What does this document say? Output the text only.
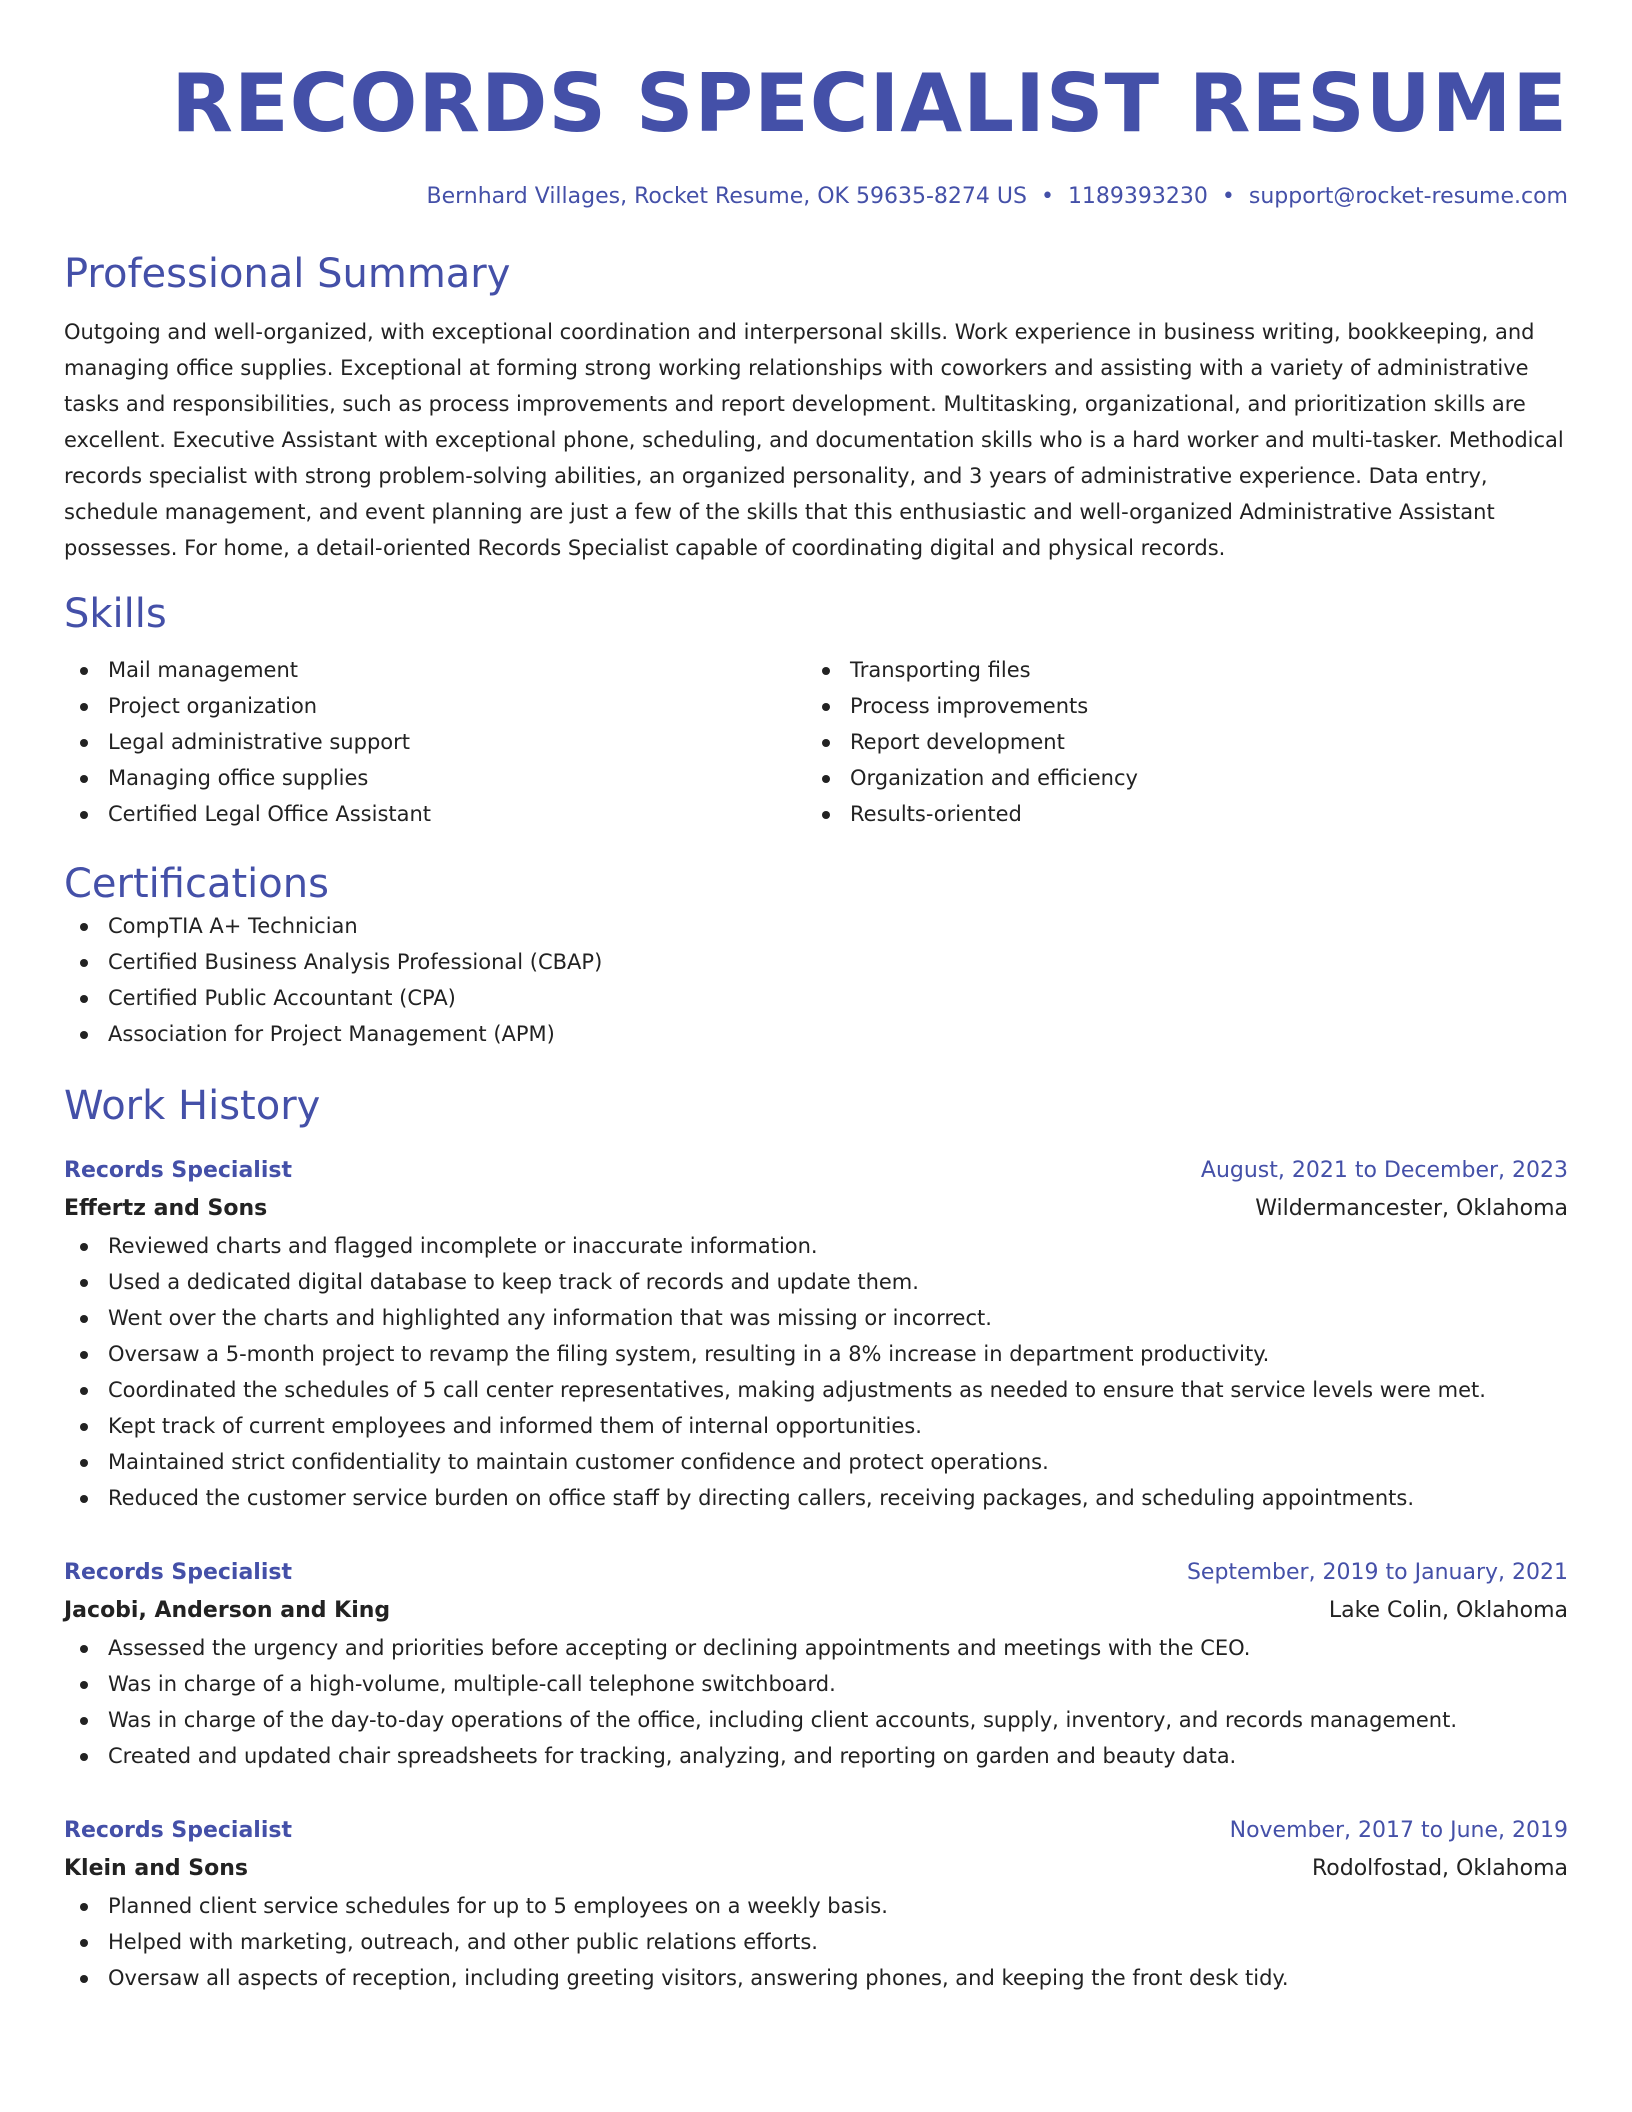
RECORDS SPECIALIST RESUME
Bernhard Villages, Rocket Resume, OK 59635-8274 US • 1189393230 • support@rocket-resume.com
Professional Summary
Outgoing and well-organized, with exceptional coordination and interpersonal skills. Work experience in business writing, bookkeeping, and managing office supplies. Exceptional at forming strong working relationships with coworkers and assisting with a variety of administrative tasks and responsibilities, such as process improvements and report development. Multitasking, organizational, and prioritization skills are excellent. Executive Assistant with exceptional phone, scheduling, and documentation skills who is a hard worker and multi-tasker. Methodical records specialist with strong problem-solving abilities, an organized personality, and 3 years of administrative experience. Data entry, schedule management, and event planning are just a few of the skills that this enthusiastic and well-organized Administrative Assistant possesses. For home, a detail-oriented Records Specialist capable of coordinating digital and physical records.
Skills
Mail management
Project organization
Legal administrative support
Managing office supplies
Certified Legal Office Assistant
Transporting files
Process improvements
Report development
Organization and efficiency
Results-oriented
Certifications
CompTIA A+ Technician
Certified Business Analysis Professional (CBAP)
Certified Public Accountant (CPA)
Association for Project Management (APM)
Work History
Records Specialist	August, 2021 to December, 2023
Effertz and Sons	Wildermancester, Oklahoma
Reviewed charts and flagged incomplete or inaccurate information.
Used a dedicated digital database to keep track of records and update them.
Went over the charts and highlighted any information that was missing or incorrect.
Oversaw a 5-month project to revamp the filing system, resulting in a 8% increase in department productivity.
Coordinated the schedules of 5 call center representatives, making adjustments as needed to ensure that service levels were met.
Kept track of current employees and informed them of internal opportunities.
Maintained strict confidentiality to maintain customer confidence and protect operations.
Reduced the customer service burden on office staff by directing callers, receiving packages, and scheduling appointments.
Records Specialist	September, 2019 to January, 2021
Jacobi, Anderson and King	Lake Colin, Oklahoma
Assessed the urgency and priorities before accepting or declining appointments and meetings with the CEO.
Was in charge of a high-volume, multiple-call telephone switchboard.
Was in charge of the day-to-day operations of the office, including client accounts, supply, inventory, and records management.
Created and updated chair spreadsheets for tracking, analyzing, and reporting on garden and beauty data.
Records Specialist	November, 2017 to June, 2019
Klein and Sons	Rodolfostad, Oklahoma
Planned client service schedules for up to 5 employees on a weekly basis.
Helped with marketing, outreach, and other public relations efforts.
Oversaw all aspects of reception, including greeting visitors, answering phones, and keeping the front desk tidy.
